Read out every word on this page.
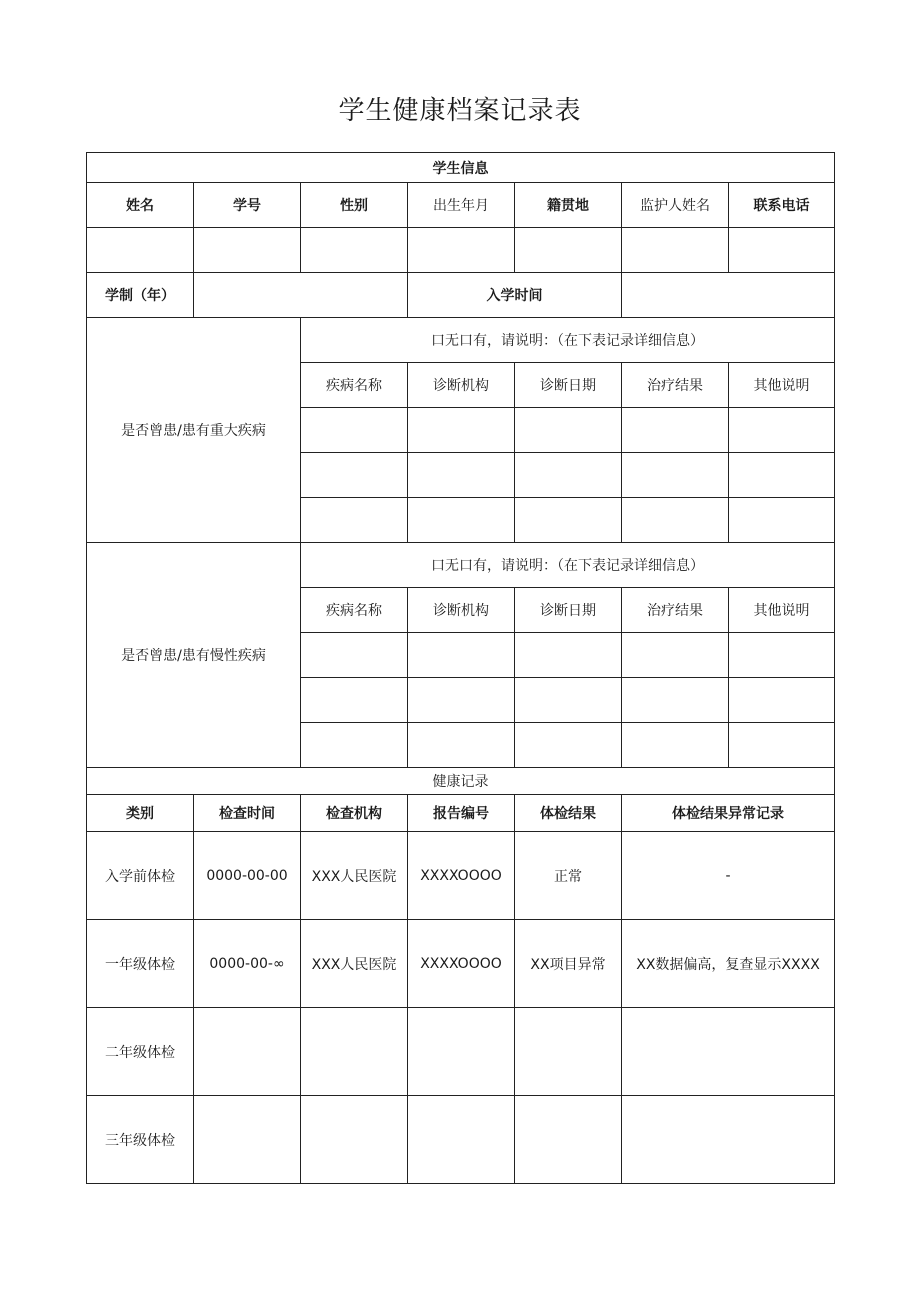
学生健康档案记录表
学生信息						
姓名	学号	性别	出生年月	籍贯地	监护人姓名	联系电话

学制（年）			入学时间			
是否曾患/患有重大疾病		口无口有，请说明：（在下表记录详细信息）				
		疾病名称	诊断机构	诊断日期	治疗结果	其他说明

是否曾患/患有慢性疾病		口无口有，请说明：（在下表记录详细信息）				
		疾病名称	诊断机构	诊断日期	治疗结果	其他说明

健康记录						
类别	检查时间	检查机构	报告编号	体检结果	体检结果异常记录	
入学前体检	0000-00-00	XXX人民医院	XXXXOOOO	正常	-	
一年级体检	0000-00-∞	XXX人民医院	XXXXOOOO	XX项目异常	XX数据偏高，复查显示XXXX	
二年级体检						
三年级体检						
